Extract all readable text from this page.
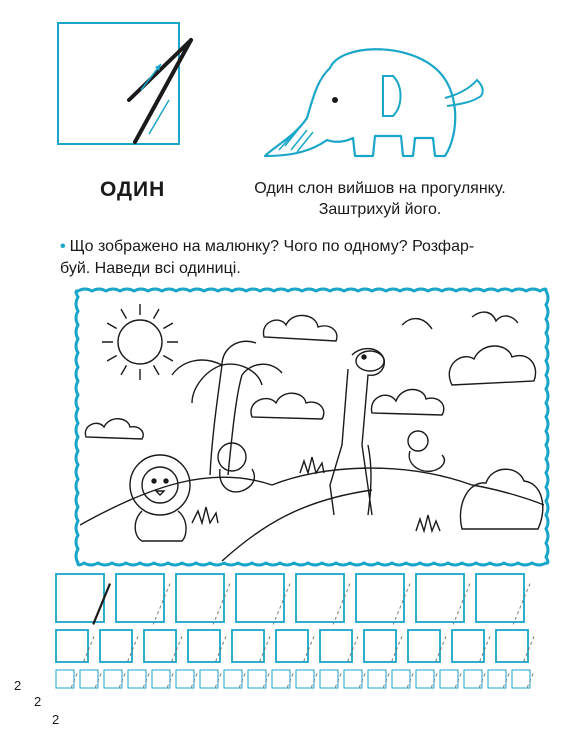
ОДИН	Один слон вийшов на прогулянку.
Заштрихуй його.
• Що зображено на малюнку? Чого по одному? Розфар-
буй. Наведи всі одиниці.
2
2
2
